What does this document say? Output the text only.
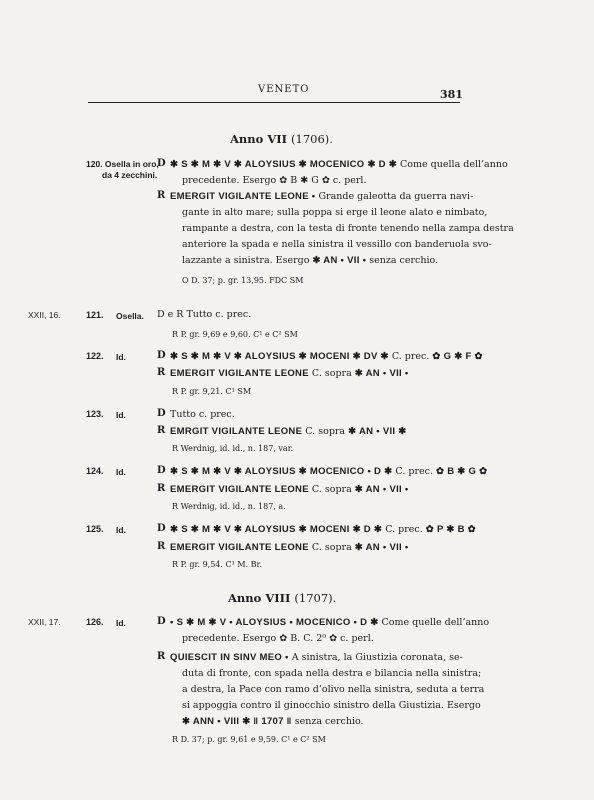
VENETO	381
Anno VII (1706).
120. Osella in oro,
da 4 zecchini.
D ✱ S ✱ M ✱ V ✱ ALOYSIUS ✱ MOCENICO ✱ D ✱ Come quella dell’anno
precedente. Esergo ✿ B ✱ G ✿ c. perl.
R EMERGIT VIGILANTE LEONE • Grande galeotta da guerra navi-
gante in alto mare; sulla poppa si erge il leone alato e nimbato,
rampante a destra, con la testa di fronte tenendo nella zampa destra
anteriore la spada e nella sinistra il vessillo con banderuola svo-
lazzante a sinistra. Esergo ✱ AN • VII • senza cerchio.
O D. 37; p. gr. 13,95. FDC SM
XXII, 16.	121. Osella. D e R Tutto c. prec.
R P. gr. 9,69 e 9,60. C¹ e C² SM
122. Id.	D ✱ S ✱ M ✱ V ✱ ALOYSIUS ✱ MOCENI ✱ DV ✱ C. prec. ✿ G ✱ F ✿
R EMERGIT VIGILANTE LEONE C. sopra ✱ AN • VII •
R P. gr. 9,21. C¹ SM
123. Id.	D Tutto c. prec.
R EMRGIT VIGILANTE LEONE C. sopra ✱ AN • VII ✱
R Werdnig, id. id., n. 187, var.
124. Id.	D ✱ S ✱ M ✱ V ✱ ALOYSIUS ✱ MOCENICO • D ✱ C. prec. ✿ B ✱ G ✿
R EMERGIT VIGILANTE LEONE C. sopra ✱ AN • VII •
R Werdnig, id. id., n. 187, a.
125. Id.	D ✱ S ✱ M ✱ V ✱ ALOYSIUS ✱ MOCENI ✱ D ✱ C. prec. ✿ P ✱ B ✿
R EMERGIT VIGILANTE LEONE C. sopra ✱ AN • VII •
R P. gr. 9,54. C¹ M. Br.
Anno VIII (1707).
XXII, 17.	126. Id.	D • S ✱ M ✱ V • ALOYSIUS • MOCENICO • D ✱ Come quelle dell’anno
precedente. Esergo ✿ B. C. 2⁰ ✿ c. perl.
R QUIESCIT IN SINV MEO • A sinistra, la Giustizia coronata, se-
duta di fronte, con spada nella destra e bilancia nella sinistra;
a destra, la Pace con ramo d’olivo nella sinistra, seduta a terra
si appoggia contro il ginocchio sinistro della Giustizia. Esergo
✱ ANN • VIII ✱ ‖ 1707 ‖ senza cerchio.
R D. 37; p. gr. 9,61 e 9,59. C¹ e C² SM
